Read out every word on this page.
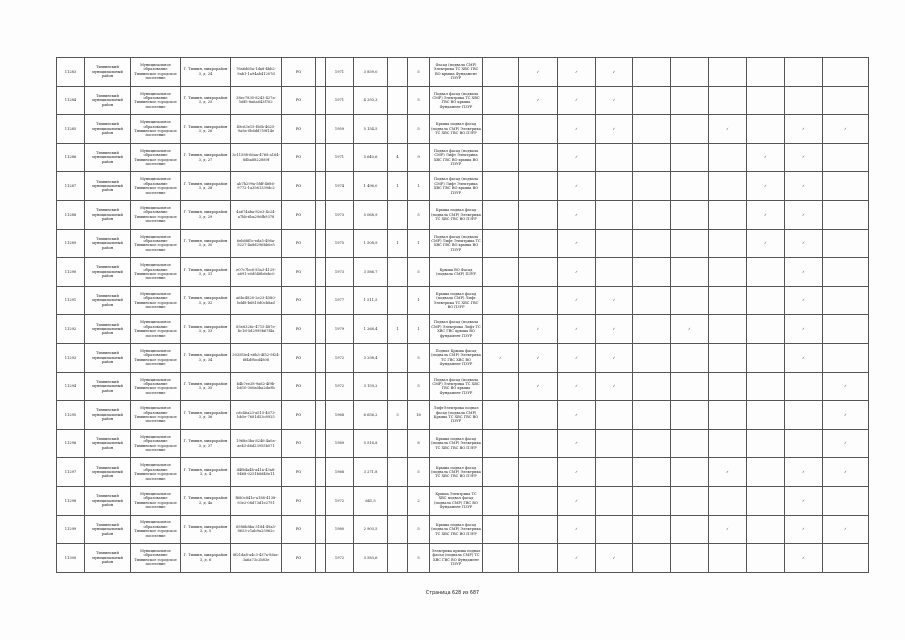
11283	Тихвинский муниципальный район	Муниципальное образование Тихвинское городское поселение	Г. Тихвин, микрорайон 3, д. 24	76a6d65a-1da8-4bb2-9ab1-1a94ab41207d	РО		1971	3 859,0		5	Фасад (подвала СМР) Электрика ТС ХВС ГВС ВО крыша Фундамент ПЗУР		✓	✓	✓						
11284	Тихвинский муниципальный район	Муниципальное образование Тихвинское городское поселение	Г. Тихвин, микрорайон 3, д. 25	38ec7835-8243-427a-b6f5-8a6a643f762	РО		1971	4 293,3		5	Подвал фасад (подвала СМР) Электрика ТС ХВС ГВС ВО крыша Фундамент ПЗУР		✓	✓	✓						
11285	Тихвинский муниципальный район	Муниципальное образование Тихвинское городское поселение	Г. Тихвин, микрорайон 3, д. 26	49c63e15-f56b-4625-9a9a-0b6dd759f14e	РО		1959	5 154,5		5	Крыша подвал фасад (подвала СМР) Электрика ТС ХВС ГВС ВО ПЗУР			✓	✓			✓		✓	✓
11286	Тихвинский муниципальный район	Муниципальное образование Тихвинское городское поселение	Г. Тихвин, микрорайон 3, д. 27	3c11588-66aa-4768-a164-8dba8822889f	РО		1971	5 640,6	4	9	Подвал фасад (подвала СМР) Лифт Электрика ХВС ГВС ВО крыша ВО ПЗУР			✓					✓	✓	
11287	Тихвинский муниципальный район	Муниципальное образование Тихвинское городское поселение	Г. Тихвин, микрорайон 3, д. 28	ab7b299a-5fdf-4686-9772-1a3561339dc2	РО		1974	1 496,0	1	1	Подвал фасад (подвала СМР) Лифт Электрика ХВС ГВС ВО крыша ВО ПЗУР			✓					✓	✓	
11288	Тихвинский муниципальный район	Муниципальное образование Тихвинское городское поселение	Г. Тихвин, микрорайон 3, д. 29	4a674aba-82e3-4c24-a7bb-6ba296fb9378	РО		1973	5 068,9		5	Крыша подвал фасад (подвала СМР) Электрика ТС ХВС ГВС ВО ПЗУР			✓					✓	✓	
11289	Тихвинский муниципальный район	Муниципальное образование Тихвинское городское поселение	Г. Тихвин, микрорайон 3, д. 30	6eb88f5c-eda5-498a-9227-4a8d296bb0e5	РО		1975	1 508,9	1	1	Подвал фасад (подвала СМР) Лифт Электрика ТС ХВС ГВС ВО крыша ВО ПЗУР			✓					✓	✓	
11290	Тихвинский муниципальный район	Муниципальное образование Тихвинское городское поселение	Г. Тихвин, микрорайон 3, д. 31	e07c7bc6-93a3-4129-a691-e0d546b6ebc0	РО		1973	3 586,7		5	Крыша ВО Фасад (подвала СМР) ПЗУР			✓						✓	
11291	Тихвинский муниципальный район	Муниципальное образование Тихвинское городское поселение	Г. Тихвин, микрорайон 3, д. 32	a6bc4820-2e23-4580-bdd8-b6810d0cb8ad	РО		1977	1 511,5		1	Крыша подвал фасад (подвала СМР) Лифт Электрика ТС ХВС ГВС ВО ПЗУР			✓	✓					✓	
11292	Тихвинский муниципальный район	Муниципальное образование Тихвинское городское поселение	Г. Тихвин, микрорайон 3, д. 33	85e8326c-4715-487e-bc1d-5d2999b67f4a	РО		1979	1 268,4	1	1	Подвал фасад (подвала СМР) Электрика Лифт ТС ХВС ГВС крыша ВО фундамент ПЗУР		✓	✓	✓		✓			✓	
11293	Тихвинский муниципальный район	Муниципальное образование Тихвинское городское поселение	Г. Тихвин, микрорайон 3, д. 34	3035f3e4-e6b3-4f52-9f24-6f4d9bcd4808	РО		1972	3 298,4		5	Подвал Крыша фасад (подвала СМР) Электрика ТС ГВС ХВС ВО Фундамент ПЗУР	✓	✓	✓	✓					✓	
11294	Тихвинский муниципальный район	Муниципальное образование Тихвинское городское поселение	Г. Тихвин, микрорайон 3, д. 35	b4b7ee28-9a62-4f9b-b610-306a0ba2da9b	РО		1972	3 159,2		5	Подвал фасад (подвала СМР) Электрика ТС ХВС ГВС ВО крыша Фундамент ПЗУР		✓	✓	✓						✓
11295	Тихвинский муниципальный район	Муниципальное образование Тихвинское городское поселение	Г. Тихвин, микрорайон 3, д. 36	cdc46a23-a515-4073-bb5e-7681d53c8925	РО		1968	6 656,2	3	16	ЛифтЭлектрика подвал фасад (подвала СМР) Крыша ТС ХВС ГВС ВО ПЗУР			✓							✓
11296	Тихвинский муниципальный район	Муниципальное образование Тихвинское городское поселение	Г. Тихвин, микрорайон 3, д. 37	1968e3ba-8246-4a0a-ae43-d6d23955b071	РО		1989	5 516,8		8	Крыша подвал фасад (подвала СМР) Электрика ТС ХВС ГВС ВО ПЗУР			✓							✓
11297	Тихвинский муниципальный район	Муниципальное образование Тихвинское городское поселение	Г. Тихвин, микрорайон 3, д. 4	d4fb4a4b-a41a-43a8-9468-0251b8d40e11	РО		1968	3 271,8		5	Крыша подвал фасад (подвала СМР) Электрика ТС ХВС ГВС ВО ПЗУР			✓				✓		✓	✓
11298	Тихвинский муниципальный район	Муниципальное образование Тихвинское городское поселение	Г. Тихвин, микрорайон 3, д. 4а	f680c841e-a188-4138-93e2-08d73d1e2791	РО		1972	641,5		2	Крыша Электрика ТС ХВС подвал фасад (подвала СМР) ГВС ВО Фундамент ПЗУР			✓						✓	
11299	Тихвинский муниципальный район	Муниципальное образование Тихвинское городское поселение	Г. Тихвин, микрорайон 3, д. 5	6986b8ba-3184-49a5-8653-c1ab9a25962c	РО		1980	2 903,5		5	Крыша подвал фасад (подвала СМР) Электрика ТС ХВС ГВС ВО ПЗУР			✓				✓		✓	✓
11300	Тихвинский муниципальный район	Муниципальное образование Тихвинское городское поселение	Г. Тихвин, микрорайон 3, д. 6	8f21da8-a4c3-437a-86ac-3a6a73c2b83e	РО		1972	3 583,6		5	Электрика крыша подвал фасад (подвала СМР) ТС ХВС ГВС ВО Фундамент ПЗУР			✓	✓					✓	
Страница 628 из 687
